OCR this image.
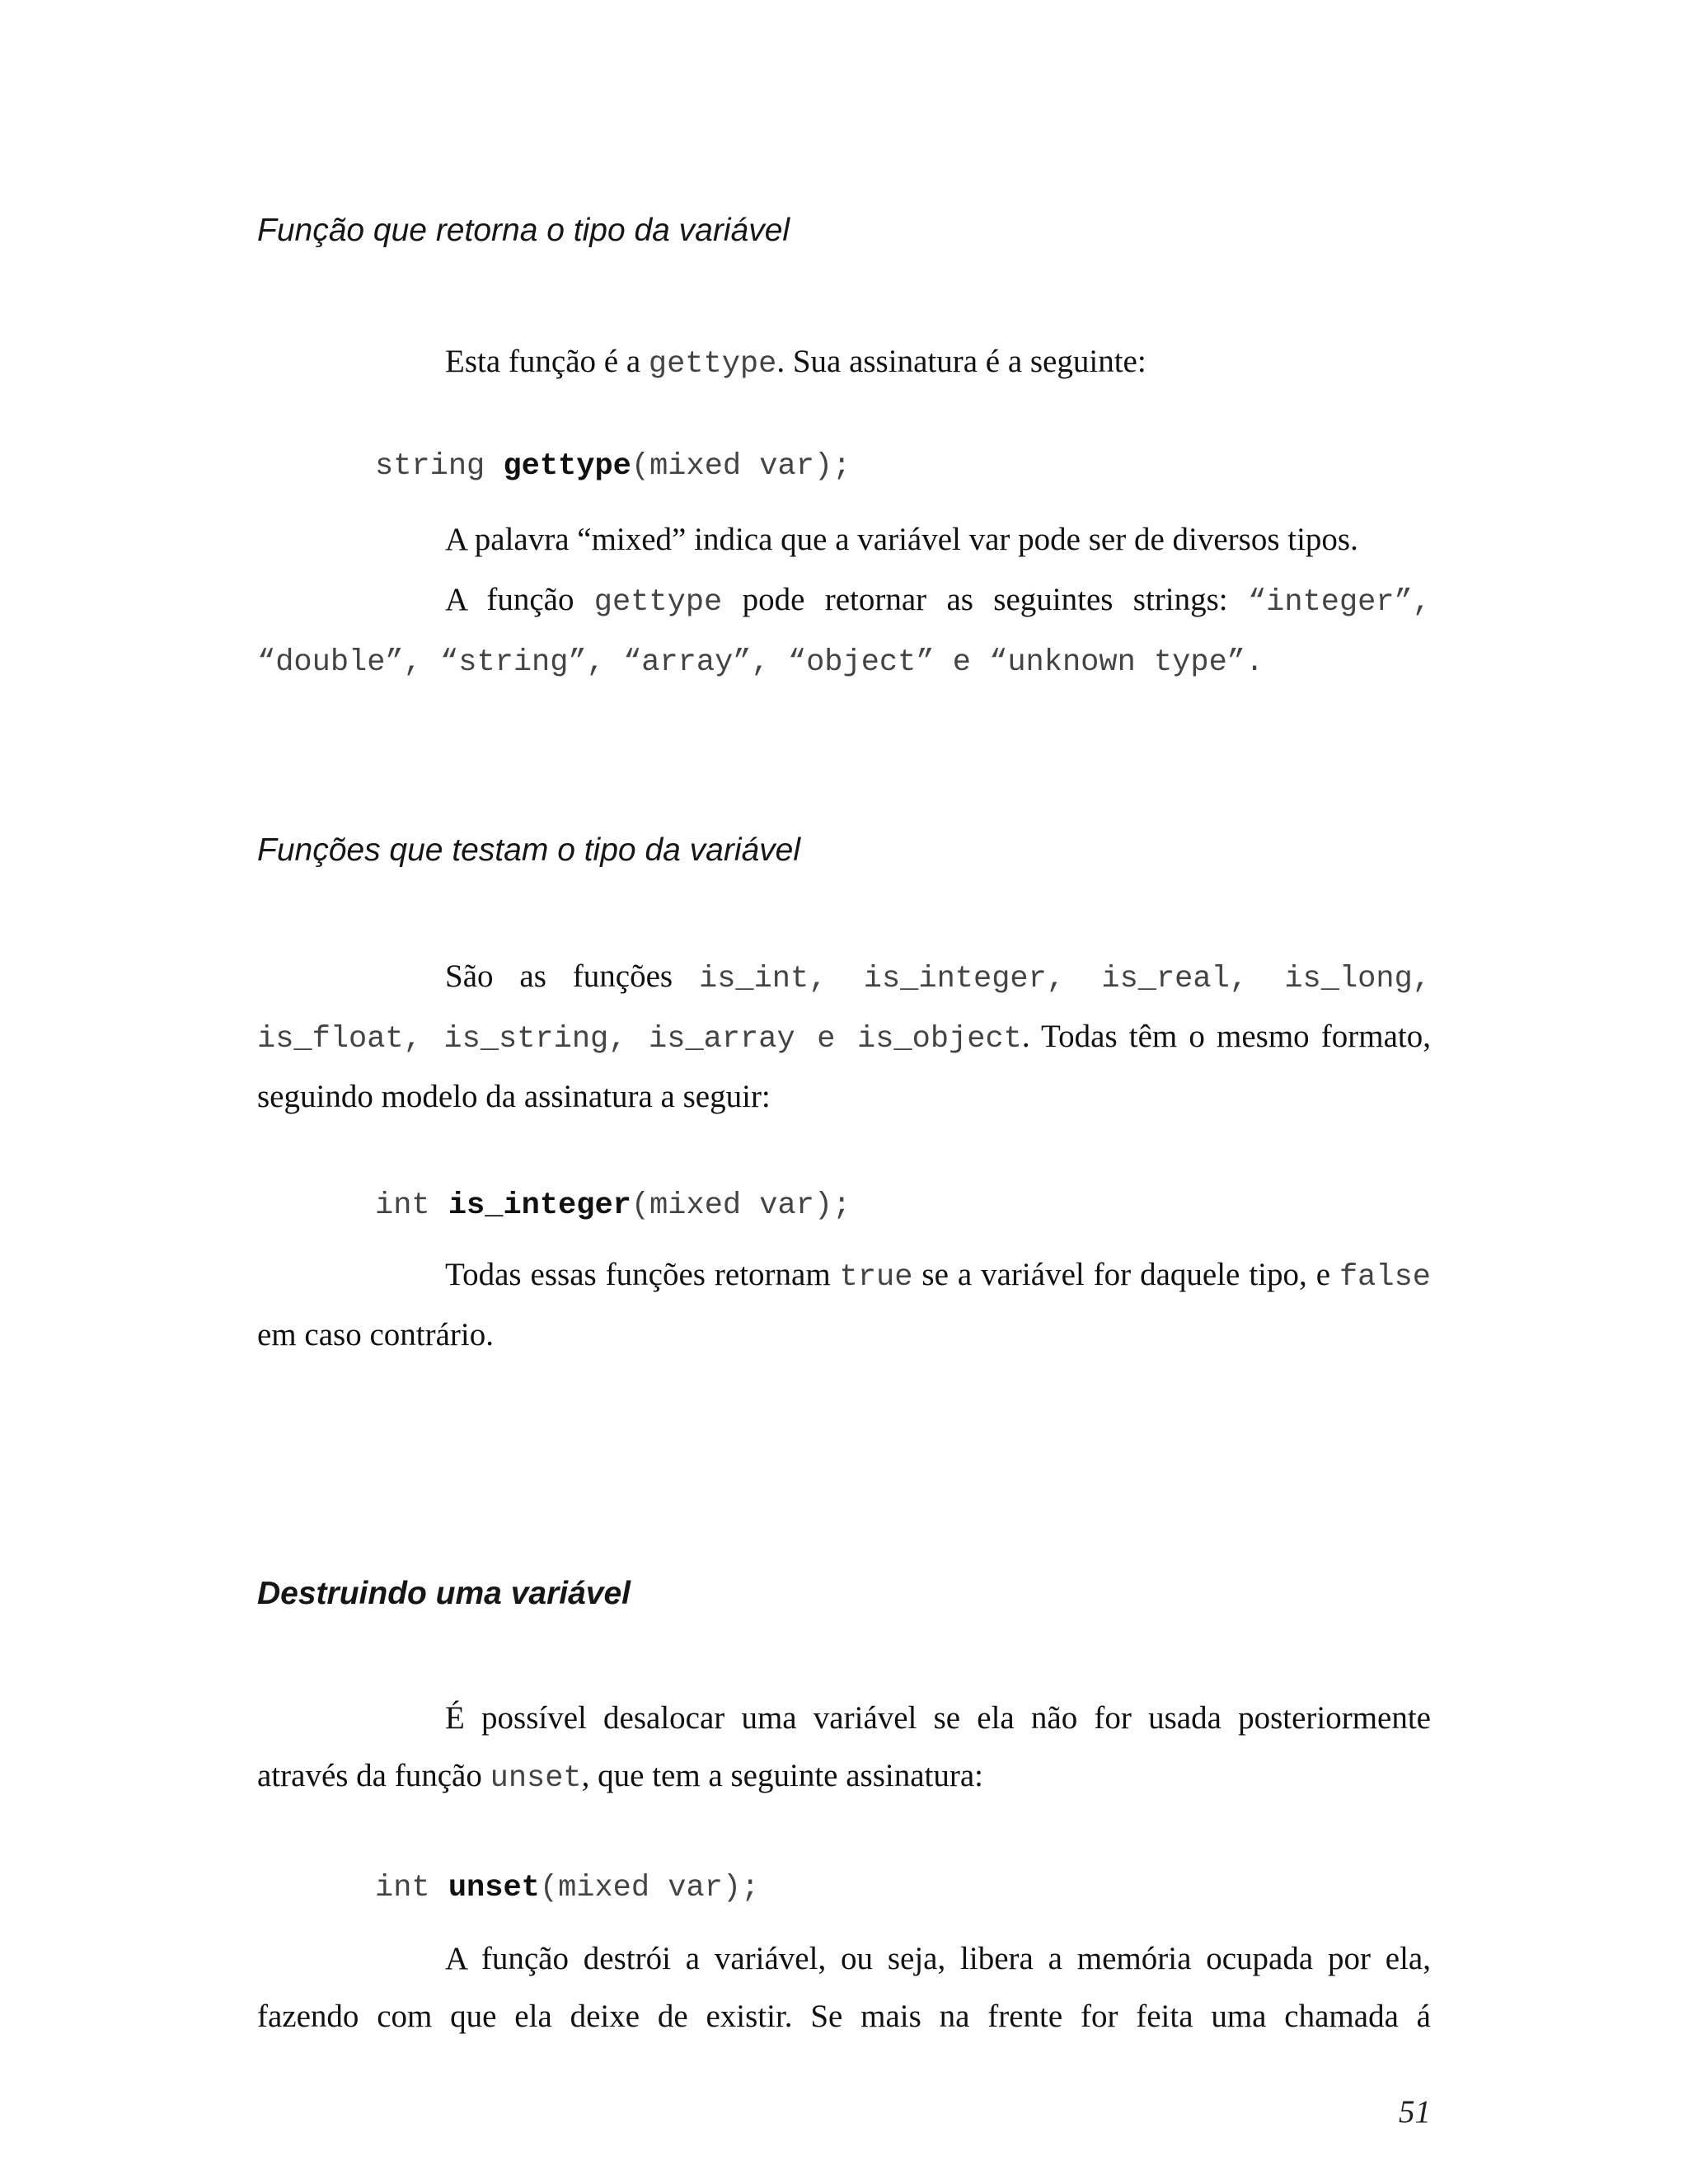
Função que retorna o tipo da variável

Esta função é a gettype. Sua assinatura é a seguinte:

string gettype(mixed var);

A palavra “mixed” indica que a variável var pode ser de diversos tipos.

A função gettype pode retornar as seguintes strings: “integer”, “double”, “string”, “array”, “object” e “unknown type”.

Funções que testam o tipo da variável

São as funções is_int, is_integer, is_real, is_long, is_float, is_string, is_array e is_object. Todas têm o mesmo formato, seguindo modelo da assinatura a seguir:

int is_integer(mixed var);

Todas essas funções retornam true se a variável for daquele tipo, e false em caso contrário.

Destruindo uma variável

É possível desalocar uma variável se ela não for usada posteriormente através da função unset, que tem a seguinte assinatura:

int unset(mixed var);

A função destrói a variável, ou seja, libera a memória ocupada por ela, fazendo com que ela deixe de existir. Se mais na frente for feita uma chamada á

51
